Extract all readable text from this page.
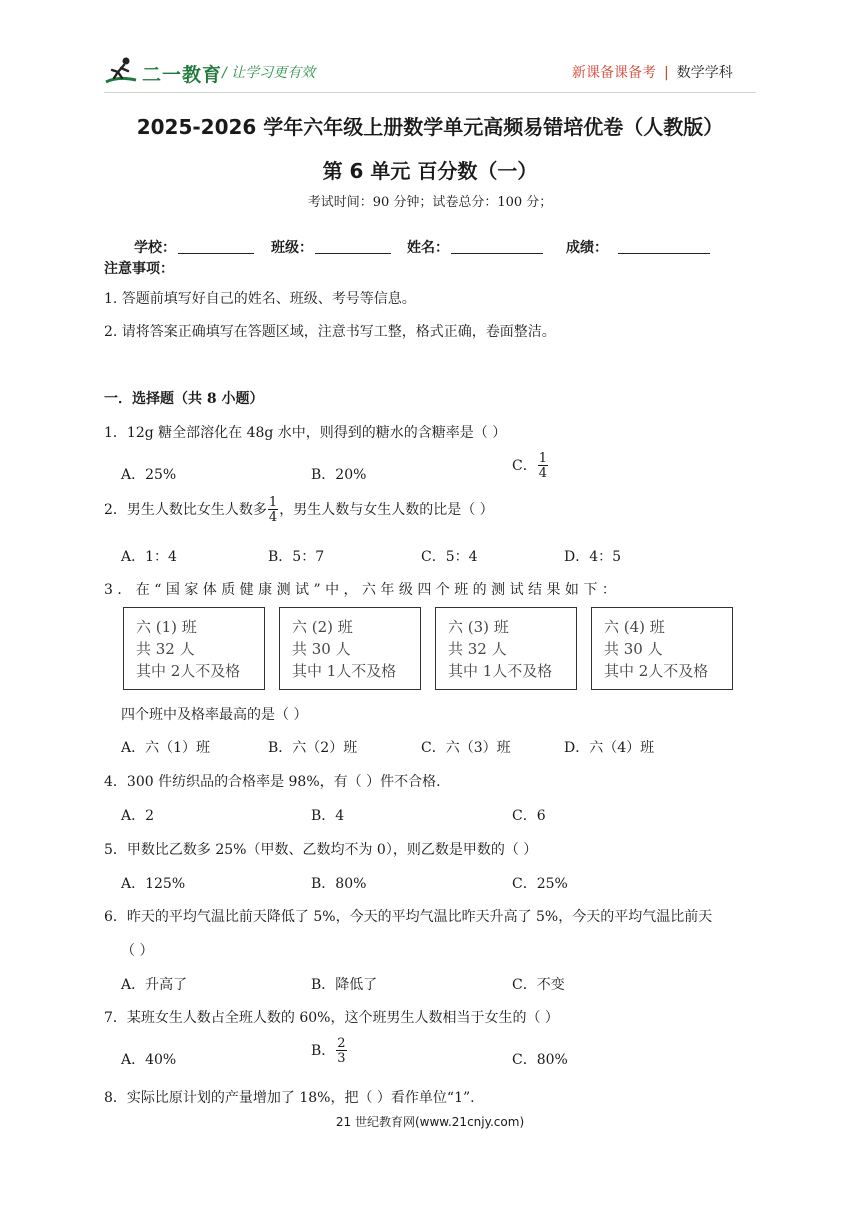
二一教育 / 让学习更有效	新课备课备考 | 数学学科
2025-2026 学年六年级上册数学单元高频易错培优卷（人教版）
第 6 单元 百分数（一）
考试时间：90 分钟；试卷总分：100 分；
学校：	班级：	姓名：	成绩：
注意事项：
1. 答题前填写好自己的姓名、班级、考号等信息。
2. 请将答案正确填写在答题区域，注意书写工整，格式正确，卷面整洁。
一．选择题（共 8 小题）
1．12g 糖全部溶化在 48g 水中，则得到的糖水的含糖率是（ ）
A．25%	B．20%
C． $\frac{1}{4}$
2．男生人数比女生人数多 $\frac{1}{4}$ ，男生人数与女生人数的比是（ ）
A．1：4	B．5：7	C．5：4	D．4：5
3 ． 在 “ 国 家 体 质 健 康 测 试 ” 中 ， 六 年 级 四 个 班 的 测 试 结 果 如 下 ：
六 (1) 班
共 32 人
其中 2人不及格
六 (2) 班
共 30 人
其中 1人不及格
六 (3) 班
共 32 人
其中 1人不及格
六 (4) 班
共 30 人
其中 2人不及格
四个班中及格率最高的是（ ）
A．六（1）班	B．六（2）班	C．六（3）班	D．六（4）班
4．300 件纺织品的合格率是 98%，有（ ）件不合格.
A．2	B．4	C．6
5．甲数比乙数多 25%（甲数、乙数均不为 0），则乙数是甲数的（ ）
A．125%	B．80%	C．25%
6．昨天的平均气温比前天降低了 5%，今天的平均气温比昨天升高了 5%，今天的平均气温比前天
（ ）
A．升高了	B．降低了	C．不变
7．某班女生人数占全班人数的 60%，这个班男生人数相当于女生的（ ）
A．40%
B． $\frac{2}{3}$	C．80%
8．实际比原计划的产量增加了 18%，把（ ）看作单位“1”.
21 世纪教育网(www.21cnjy.com)
